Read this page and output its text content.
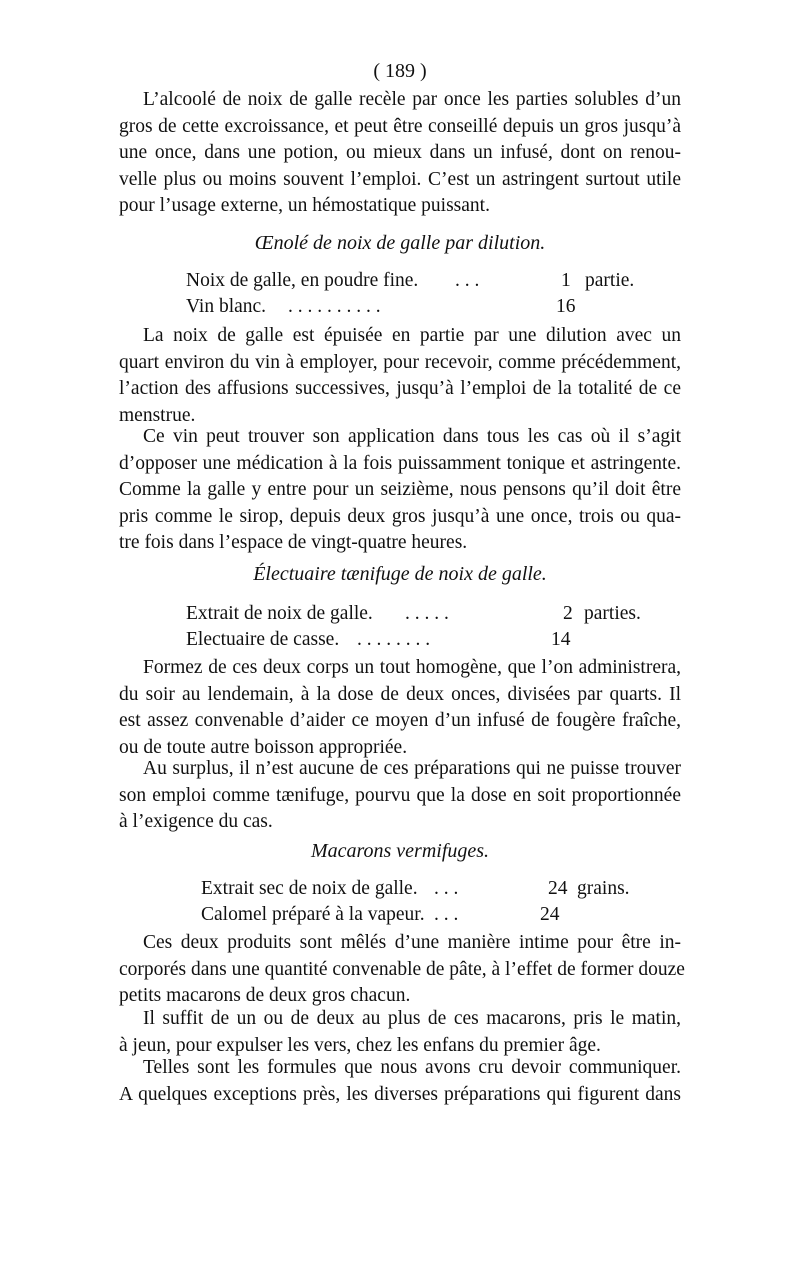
( 189 )
L’alcoolé de noix de galle recèle par once les parties solubles d’un
gros de cette excroissance, et peut être conseillé depuis un gros jusqu’à
une once, dans une potion, ou mieux dans un infusé, dont on renou-
velle plus ou moins souvent l’emploi. C’est un astringent surtout utile
pour l’usage externe, un hémostatique puissant.
Œnolé de noix de galle par dilution.
Noix de galle, en poudre fine. . . .	1 partie.
Vin blanc. . . . . . . . . . .	16
La noix de galle est épuisée en partie par une dilution avec un
quart environ du vin à employer, pour recevoir, comme précédemment,
l’action des affusions successives, jusqu’à l’emploi de la totalité de ce
menstrue.
Ce vin peut trouver son application dans tous les cas où il s’agit
d’opposer une médication à la fois puissamment tonique et astringente.
Comme la galle y entre pour un seizième, nous pensons qu’il doit être
pris comme le sirop, depuis deux gros jusqu’à une once, trois ou qua-
tre fois dans l’espace de vingt-quatre heures.
Électuaire tænifuge de noix de galle.
Extrait de noix de galle. . . . . .	2 parties.
Electuaire de casse. . . . . . . . .	14
Formez de ces deux corps un tout homogène, que l’on administrera,
du soir au lendemain, à la dose de deux onces, divisées par quarts. Il
est assez convenable d’aider ce moyen d’un infusé de fougère fraîche,
ou de toute autre boisson appropriée.
Au surplus, il n’est aucune de ces préparations qui ne puisse trouver
son emploi comme tænifuge, pourvu que la dose en soit proportionnée
à l’exigence du cas.
Macarons vermifuges.
Extrait sec de noix de galle. . . .	24 grains.
Calomel préparé à la vapeur. . . .	24
Ces deux produits sont mêlés d’une manière intime pour être in-
corporés dans une quantité convenable de pâte, à l’effet de former douze
petits macarons de deux gros chacun.
Il suffit de un ou de deux au plus de ces macarons, pris le matin,
à jeun, pour expulser les vers, chez les enfans du premier âge.
Telles sont les formules que nous avons cru devoir communiquer.
A quelques exceptions près, les diverses préparations qui figurent dans
